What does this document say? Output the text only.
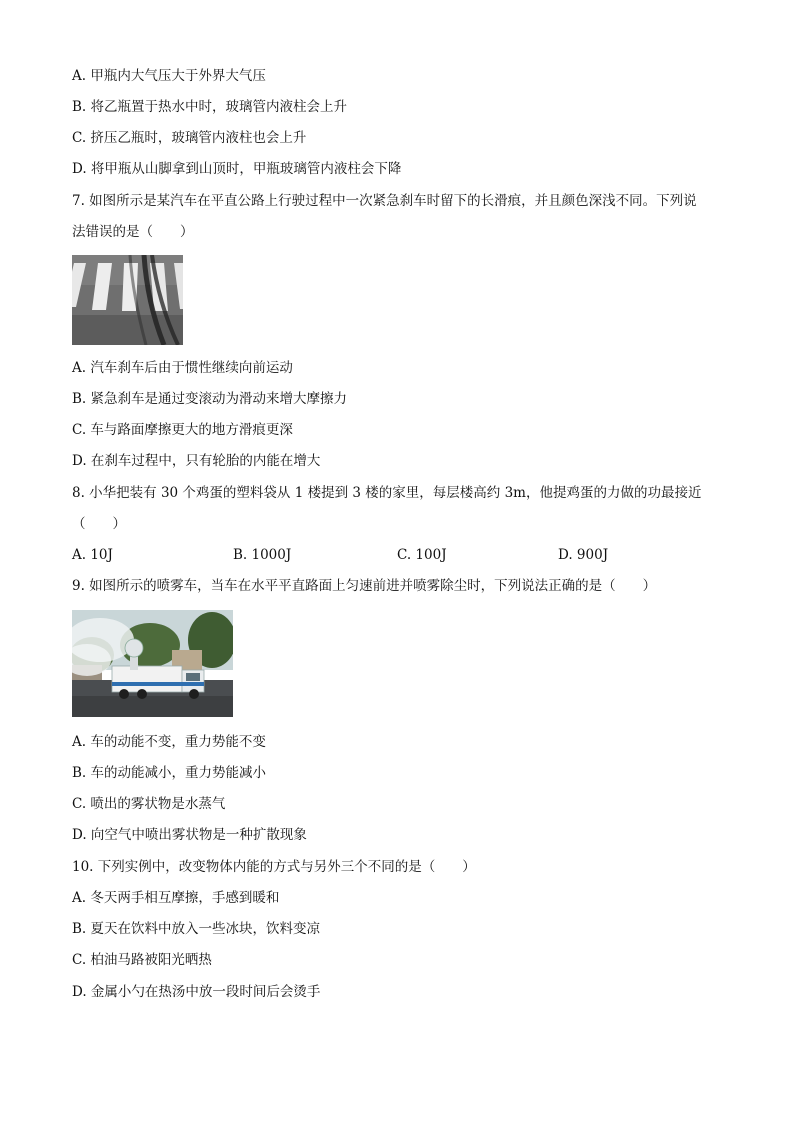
A. 甲瓶内大气压大于外界大气压
B. 将乙瓶置于热水中时，玻璃管内液柱会上升
C. 挤压乙瓶时，玻璃管内液柱也会上升
D. 将甲瓶从山脚拿到山顶时，甲瓶玻璃管内液柱会下降
7. 如图所示是某汽车在平直公路上行驶过程中一次紧急刹车时留下的长滑痕，并且颜色深浅不同。下列说
法错误的是（　　）
A. 汽车刹车后由于惯性继续向前运动
B. 紧急刹车是通过变滚动为滑动来增大摩擦力
C. 车与路面摩擦更大的地方滑痕更深
D. 在刹车过程中，只有轮胎的内能在增大
8. 小华把装有 30 个鸡蛋的塑料袋从 1 楼提到 3 楼的家里，每层楼高约 3m，他提鸡蛋的力做的功最接近
（　　）
A. 10J	B. 1000J	C. 100J	D. 900J
9. 如图所示的喷雾车，当车在水平平直路面上匀速前进并喷雾除尘时，下列说法正确的是（　　）
A. 车的动能不变，重力势能不变
B. 车的动能减小，重力势能减小
C. 喷出的雾状物是水蒸气
D. 向空气中喷出雾状物是一种扩散现象
10. 下列实例中，改变物体内能的方式与另外三个不同的是（　　）
A. 冬天两手相互摩擦，手感到暖和
B. 夏天在饮料中放入一些冰块，饮料变凉
C. 柏油马路被阳光晒热
D. 金属小勺在热汤中放一段时间后会烫手
